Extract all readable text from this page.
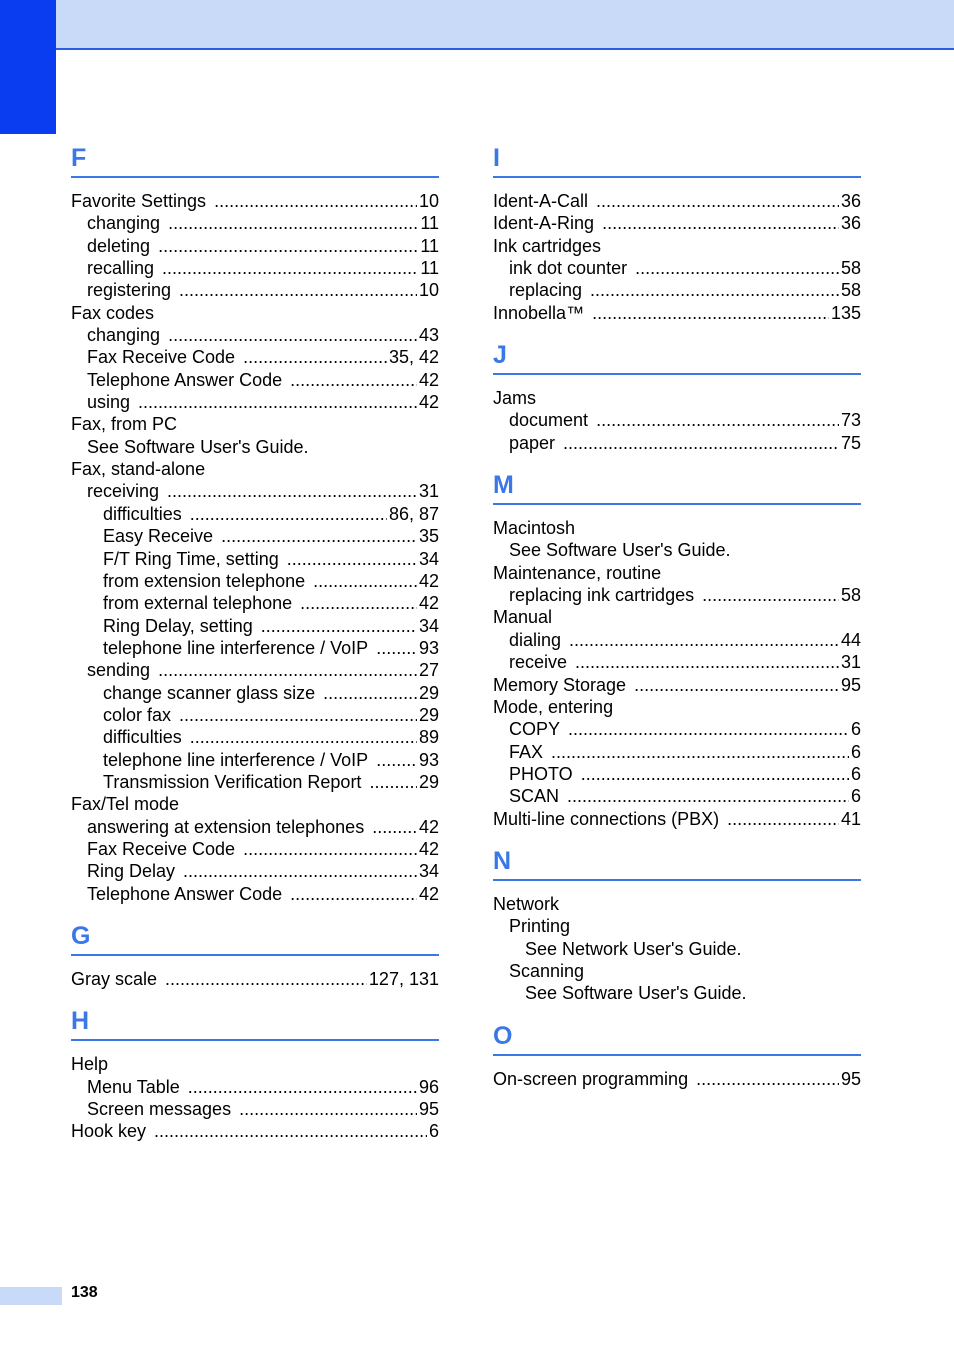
F
Favorite Settings .....	10
changing .....	11
deleting .....	11
recalling .....	11
registering .....	10
Fax codes
changing .....	43
Fax Receive Code .....	35, 42
Telephone Answer Code .....	42
using .....	42
Fax, from PC
See Software User's Guide.
Fax, stand-alone
receiving .....	31
difficulties .....	86, 87
Easy Receive .....	35
F/T Ring Time, setting .....	34
from extension telephone .....	42
from external telephone .....	42
Ring Delay, setting .....	34
telephone line interference / VoIP .....	93
sending .....	27
change scanner glass size .....	29
color fax .....	29
difficulties .....	89
telephone line interference / VoIP .....	93
Transmission Verification Report .....	29
Fax/Tel mode
answering at extension telephones .....	42
Fax Receive Code .....	42
Ring Delay .....	34
Telephone Answer Code .....	42
G
Gray scale .....	127, 131
H
Help
Menu Table .....	96
Screen messages .....	95
Hook key .....	6
I
Ident-A-Call .....	36
Ident-A-Ring .....	36
Ink cartridges
ink dot counter .....	58
replacing .....	58
Innobella™ .....	135
J
Jams
document .....	73
paper .....	75
M
Macintosh
See Software User's Guide.
Maintenance, routine
replacing ink cartridges .....	58
Manual
dialing .....	44
receive .....	31
Memory Storage .....	95
Mode, entering
COPY .....	6
FAX .....	6
PHOTO .....	6
SCAN .....	6
Multi-line connections (PBX) .....	41
N
Network
Printing
See Network User's Guide.
Scanning
See Software User's Guide.
O
On-screen programming .....	95
138
